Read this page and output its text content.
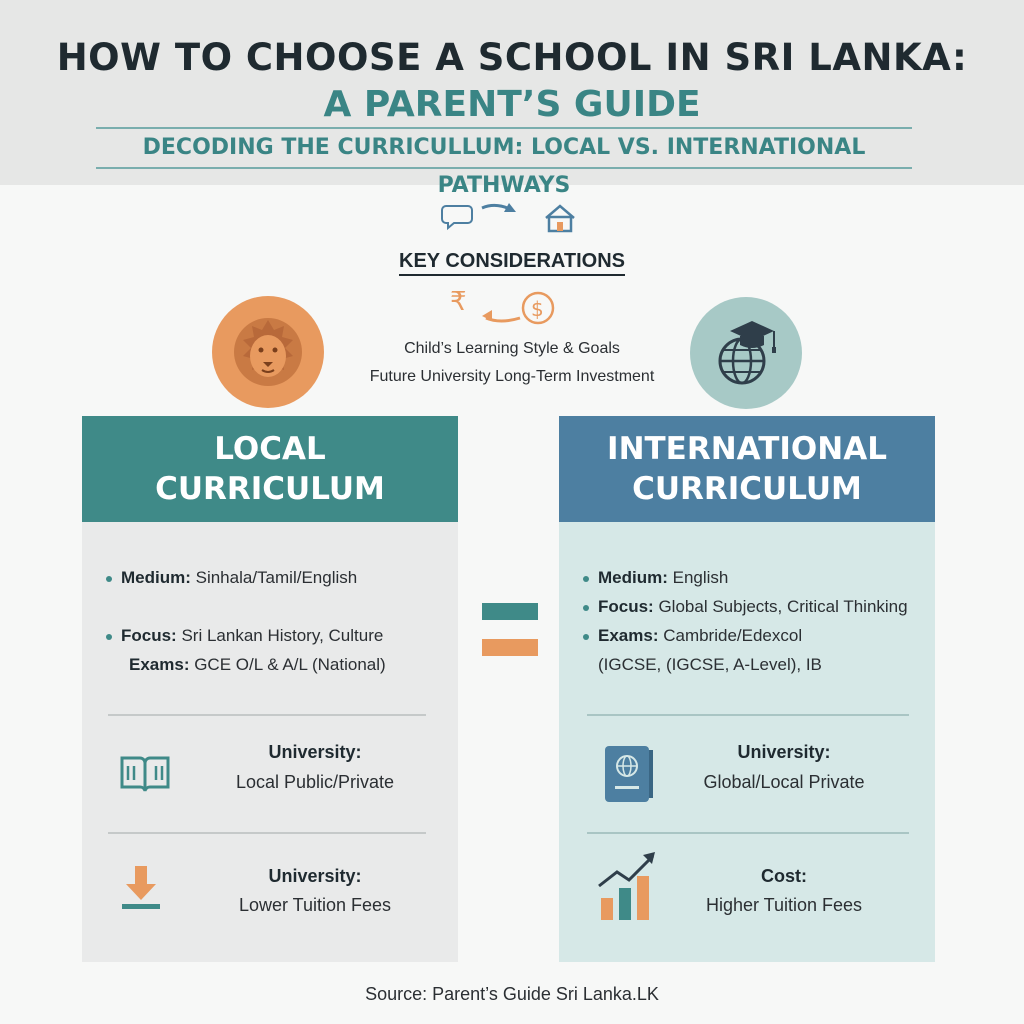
HOW TO CHOOSE A SCHOOL IN SRI LANKA:
A PARENT’S GUIDE
DECODING THE CURRICULLUM: LOCAL VS. INTERNATIONAL PATHWAYS
KEY CONSIDERATIONS
₹	$
Child’s Learning Style & Goals
Future University Long-Term Investment
LOCAL
CURRICULUM
Medium: Sinhala/Tamil/English
Focus: Sri Lankan History, Culture
Exams: GCE O/L & A/L (National)
University:
Local Public/Private
University:
Lower Tuition Fees
INTERNATIONAL
CURRICULUM
Medium: English
Focus: Global Subjects, Critical Thinking
Exams: Cambride/Edexcol
(IGCSE, (IGCSE, A-Level), IB
University:
Global/Local Private
Cost:
Higher Tuition Fees
Source: Parent’s Guide Sri Lanka.LK
